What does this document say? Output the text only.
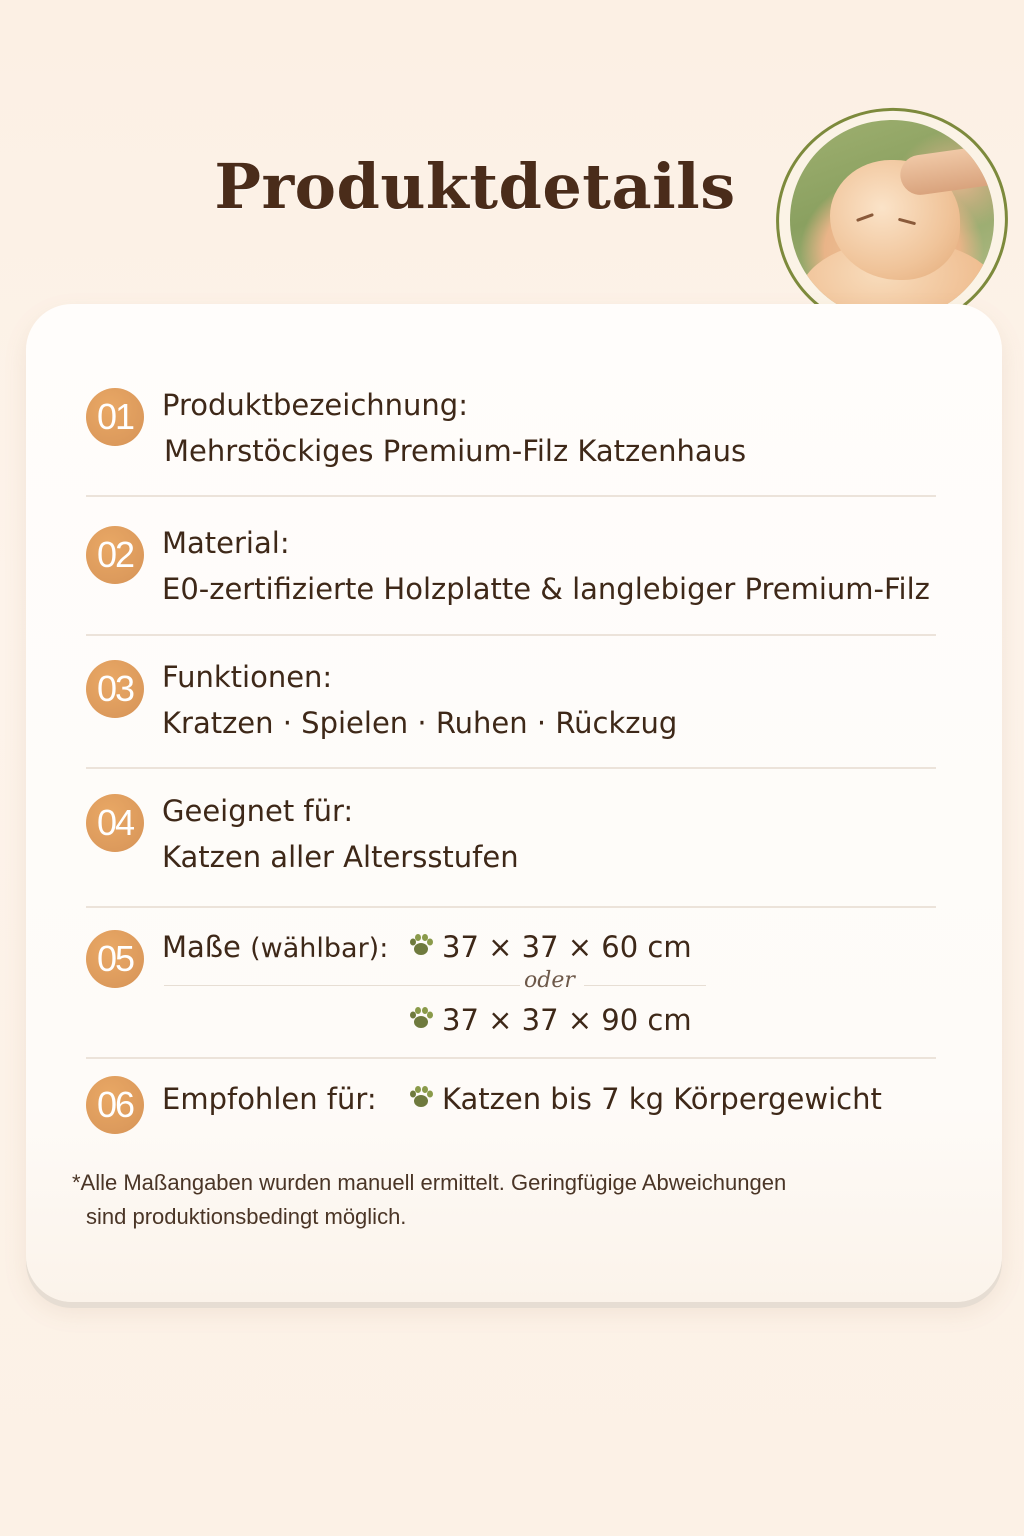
Produktdetails
01 Produktbezeichnung:
Mehrstöckiges Premium-Filz Katzenhaus
02 Material:
E0-zertifizierte Holzplatte & langlebiger Premium-Filz
03 Funktionen:
Kratzen · Spielen · Ruhen · Rückzug
04 Geeignet für:
Katzen aller Altersstufen
05 Maße (wählbar):	37 × 37 × 60 cm
oder
37 × 37 × 90 cm
06 Empfohlen für:	Katzen bis 7 kg Körpergewicht
*Alle Maßangaben wurden manuell ermittelt. Geringfügige Abweichungen
sind produktionsbedingt möglich.
